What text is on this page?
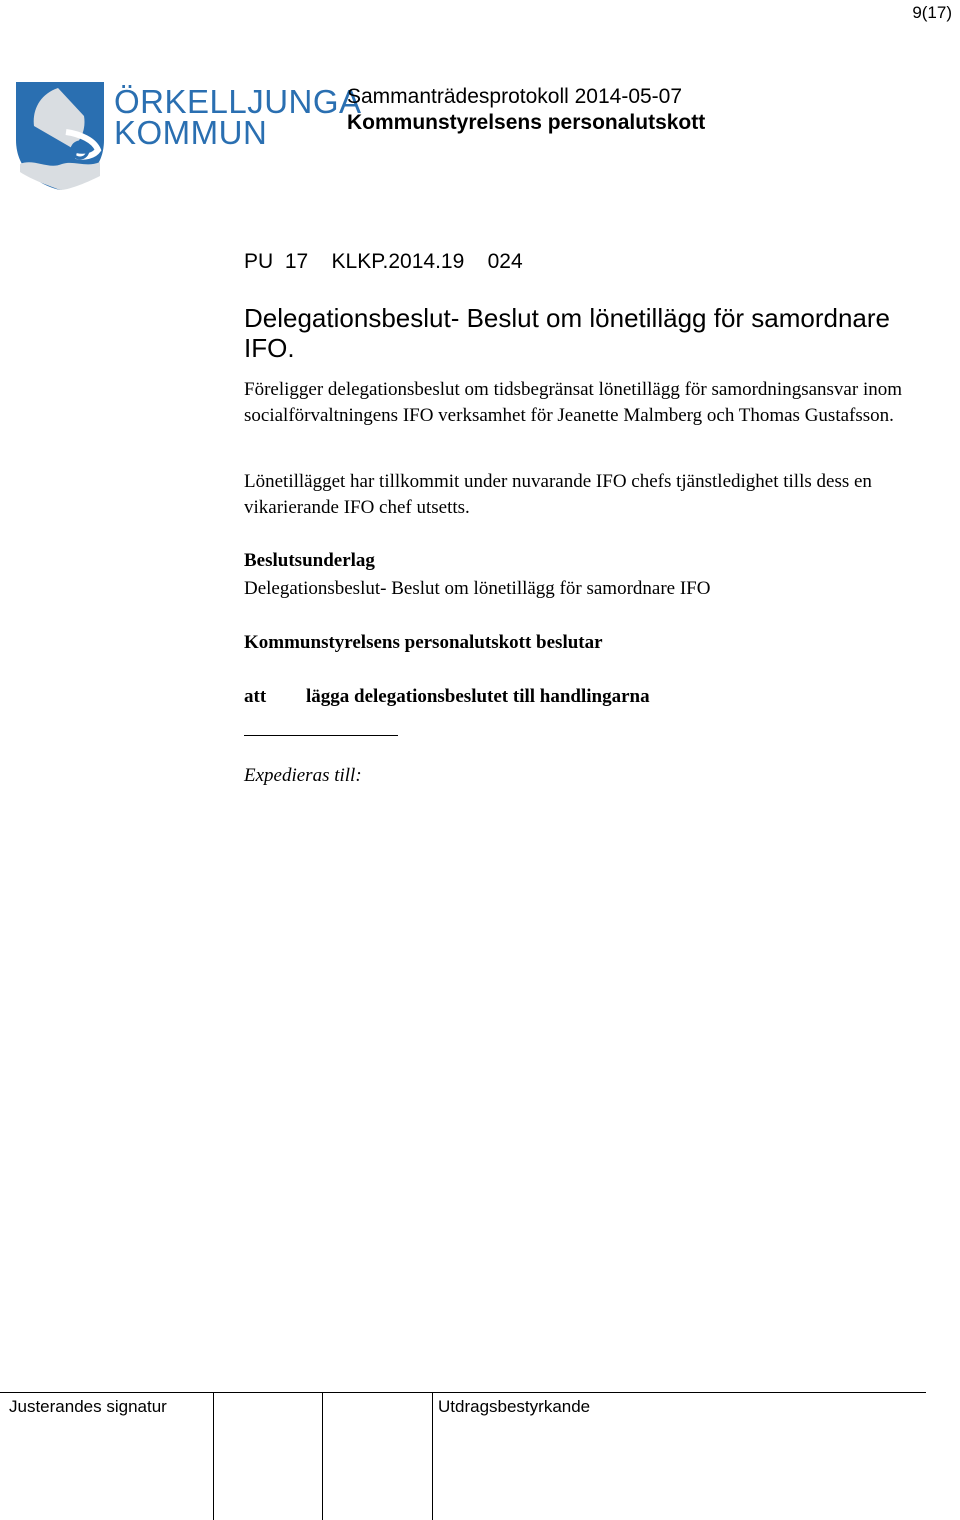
9(17)
ÖRKELLJUNGA
KOMMUN
Sammanträdesprotokoll 2014-05-07
Kommunstyrelsens personalutskott
PU  17    KLKP.2014.19    024
Delegationsbeslut- Beslut om lönetillägg för samordnare IFO.
Föreligger delegationsbeslut om tidsbegränsat lönetillägg för samordningsansvar inom socialförvaltningens IFO verksamhet för Jeanette Malmberg och Thomas Gustafsson.
Lönetillägget har tillkommit under nuvarande IFO chefs tjänstledighet tills dess en vikarierande IFO chef utsetts.
Beslutsunderlag
Delegationsbeslut- Beslut om lönetillägg för samordnare IFO
Kommunstyrelsens personalutskott beslutar
att lägga delegationsbeslutet till handlingarna
Expedieras till:
Justerandes signatur	Utdragsbestyrkande
